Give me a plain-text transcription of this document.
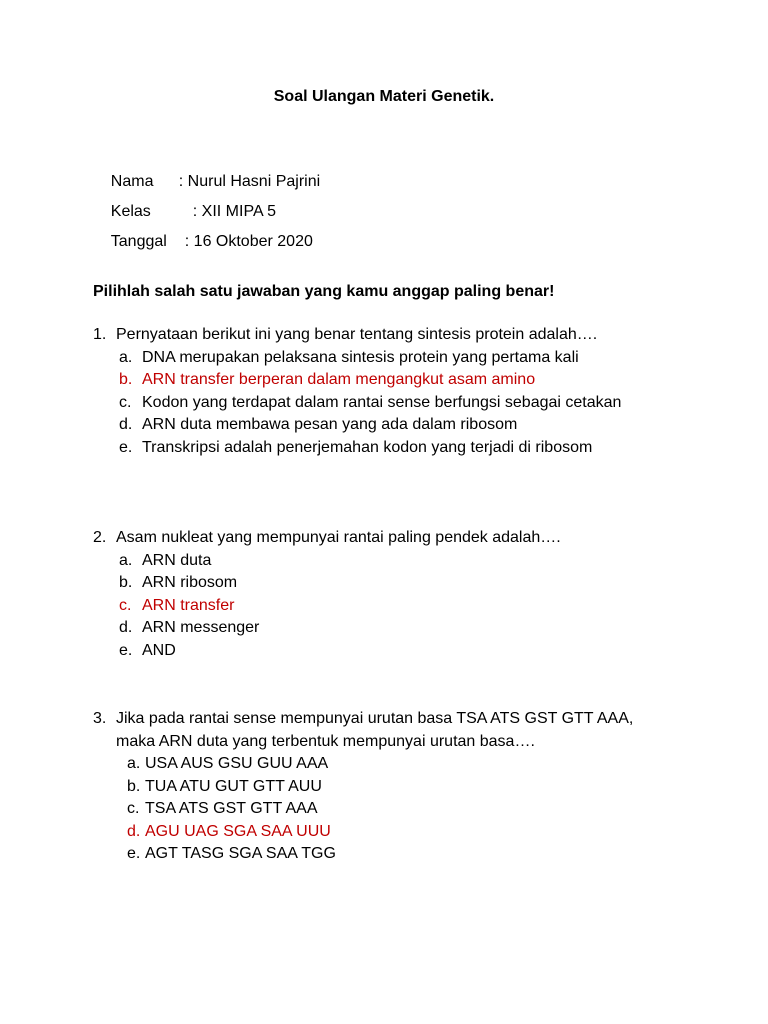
Soal Ulangan Materi Genetik.

Nama : Nurul Hasni Pajrini

Kelas	: XII MIPA 5

Tanggal : 16 Oktober 2020

Pilihlah salah satu jawaban yang kamu anggap paling benar!
1. Pernyataan berikut ini yang benar tentang sintesis protein adalah….
a. DNA merupakan pelaksana sintesis protein yang pertama kali
b. ARN transfer berperan dalam mengangkut asam amino
c. Kodon yang terdapat dalam rantai sense berfungsi sebagai cetakan
d. ARN duta membawa pesan yang ada dalam ribosom
e. Transkripsi adalah penerjemahan kodon yang terjadi di ribosom
2. Asam nukleat yang mempunyai rantai paling pendek adalah….
a. ARN duta
b. ARN ribosom
c. ARN transfer
d. ARN messenger
e. AND
3. Jika pada rantai sense mempunyai urutan basa TSA ATS GST GTT AAA, maka ARN duta yang terbentuk mempunyai urutan basa….
a. USA AUS GSU GUU AAA
b. TUA ATU GUT GTT AUU
c. TSA ATS GST GTT AAA
d. AGU UAG SGA SAA UUU
e. AGT TASG SGA SAA TGG
